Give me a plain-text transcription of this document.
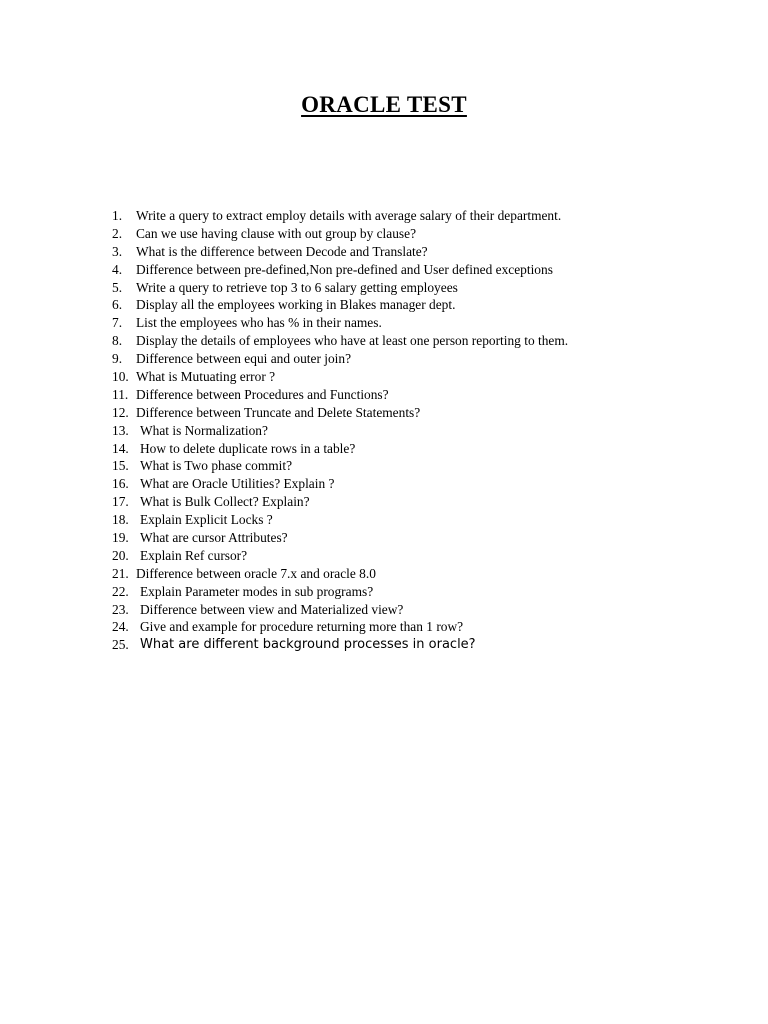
ORACLE TEST
1.	Write a query to extract employ details with average salary of their department.
2.	Can we use having clause with out group by clause?
3.	What is the difference between Decode and Translate?
4.	Difference between pre-defined,Non pre-defined and User defined exceptions
5.	Write a query to retrieve top 3 to 6 salary getting employees
6.	Display all the employees working in Blakes manager dept.
7.	List the employees who has % in their names.
8.	Display the details of employees who have at least one person reporting to them.
9.	Difference between equi and outer join?
10. What is Mutuating error ?
11. Difference between Procedures and Functions?
12. Difference between Truncate and Delete Statements?
13. What is Normalization?
14. How to delete duplicate rows in a table?
15. What is Two phase commit?
16. What are Oracle Utilities? Explain ?
17. What is Bulk Collect? Explain?
18. Explain Explicit Locks ?
19. What are cursor Attributes?
20. Explain Ref cursor?
21. Difference between oracle 7.x and oracle 8.0
22. Explain Parameter modes in sub programs?
23. Difference between view and Materialized view?
24. Give and example for procedure returning more than 1 row?
25. What are different background processes in oracle?
